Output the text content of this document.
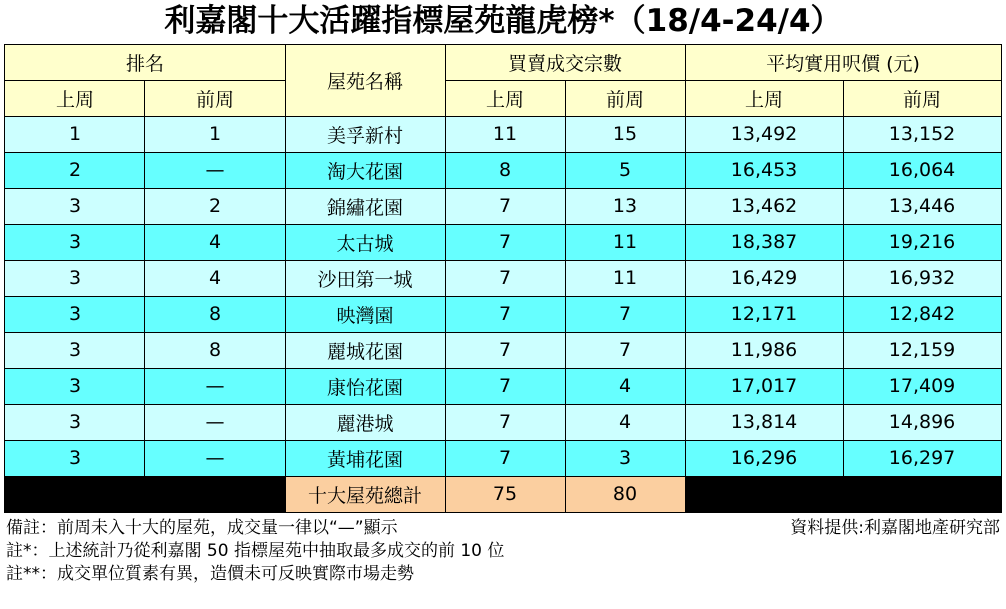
利嘉閣十大活躍指標屋苑龍虎榜*（18/4-24/4）
排名		屋苑名稱	買賣成交宗數		平均實用呎價 (元)	
上周	前周		上周	前周	上周	前周
1	1	美孚新村	11	15	13,492	13,152
2	—	淘大花園	8	5	16,453	16,064
3	2	錦繡花園	7	13	13,462	13,446
3	4	太古城	7	11	18,387	19,216
3	4	沙田第一城	7	11	16,429	16,932
3	8	映灣園	7	7	12,171	12,842
3	8	麗城花園	7	7	11,986	12,159
3	—	康怡花園	7	4	17,017	17,409
3	—	麗港城	7	4	13,814	14,896
3	—	黃埔花園	7	3	16,296	16,297
		十大屋苑總計	75	80		
備註：前周未入十大的屋苑，成交量一律以“—”顯示	資料提供:利嘉閣地產研究部
註*：上述統計乃從利嘉閣 50 指標屋苑中抽取最多成交的前 10 位
註**：成交單位質素有異，造價未可反映實際巿場走勢
